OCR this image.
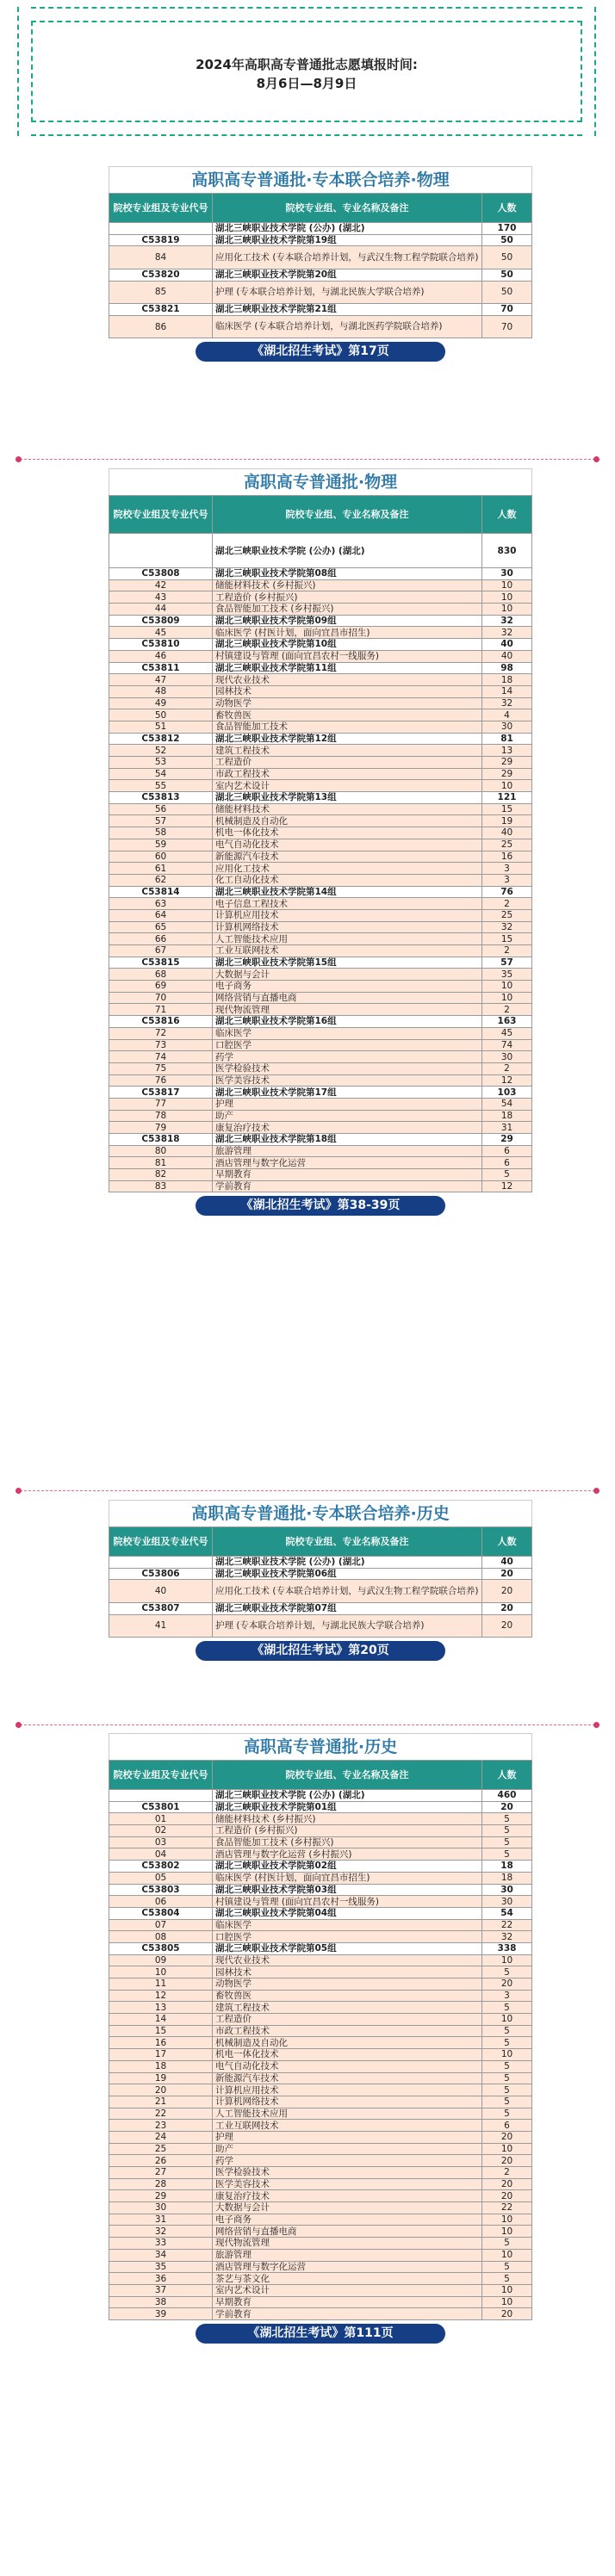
2024年高职高专普通批志愿填报时间:
8月6日—8月9日
高职高专普通批·专本联合培养·物理
院校专业组及专业代号	院校专业组、专业名称及备注	人数
	湖北三峡职业技术学院 (公办) (湖北)	170
C53819	湖北三峡职业技术学院第19组	50
84	应用化工技术 (专本联合培养计划，与武汉生物工程学院联合培养)	50
C53820	湖北三峡职业技术学院第20组	50
85	护理 (专本联合培养计划，与湖北民族大学联合培养)	50
C53821	湖北三峡职业技术学院第21组	70
86	临床医学 (专本联合培养计划，与湖北医药学院联合培养)	70
《湖北招生考试》第17页
高职高专普通批·物理
院校专业组及专业代号	院校专业组、专业名称及备注	人数
	湖北三峡职业技术学院 (公办) (湖北)	830
C53808	湖北三峡职业技术学院第08组	30
42	储能材料技术 (乡村振兴)	10
43	工程造价 (乡村振兴)	10
44	食品智能加工技术 (乡村振兴)	10
C53809	湖北三峡职业技术学院第09组	32
45	临床医学 (村医计划，面向宜昌市招生)	32
C53810	湖北三峡职业技术学院第10组	40
46	村镇建设与管理 (面向宜昌农村一线服务)	40
C53811	湖北三峡职业技术学院第11组	98
47	现代农业技术	18
48	园林技术	14
49	动物医学	32
50	畜牧兽医	4
51	食品智能加工技术	30
C53812	湖北三峡职业技术学院第12组	81
52	建筑工程技术	13
53	工程造价	29
54	市政工程技术	29
55	室内艺术设计	10
C53813	湖北三峡职业技术学院第13组	121
56	储能材料技术	15
57	机械制造及自动化	19
58	机电一体化技术	40
59	电气自动化技术	25
60	新能源汽车技术	16
61	应用化工技术	3
62	化工自动化技术	3
C53814	湖北三峡职业技术学院第14组	76
63	电子信息工程技术	2
64	计算机应用技术	25
65	计算机网络技术	32
66	人工智能技术应用	15
67	工业互联网技术	2
C53815	湖北三峡职业技术学院第15组	57
68	大数据与会计	35
69	电子商务	10
70	网络营销与直播电商	10
71	现代物流管理	2
C53816	湖北三峡职业技术学院第16组	163
72	临床医学	45
73	口腔医学	74
74	药学	30
75	医学检验技术	2
76	医学美容技术	12
C53817	湖北三峡职业技术学院第17组	103
77	护理	54
78	助产	18
79	康复治疗技术	31
C53818	湖北三峡职业技术学院第18组	29
80	旅游管理	6
81	酒店管理与数字化运营	6
82	早期教育	5
83	学前教育	12
《湖北招生考试》第38-39页
高职高专普通批·专本联合培养·历史
院校专业组及专业代号	院校专业组、专业名称及备注	人数
	湖北三峡职业技术学院 (公办) (湖北)	40
C53806	湖北三峡职业技术学院第06组	20
40	应用化工技术 (专本联合培养计划，与武汉生物工程学院联合培养)	20
C53807	湖北三峡职业技术学院第07组	20
41	护理 (专本联合培养计划，与湖北民族大学联合培养)	20
《湖北招生考试》第20页
高职高专普通批·历史
院校专业组及专业代号	院校专业组、专业名称及备注	人数
	湖北三峡职业技术学院 (公办) (湖北)	460
C53801	湖北三峡职业技术学院第01组	20
01	储能材料技术 (乡村振兴)	5
02	工程造价 (乡村振兴)	5
03	食品智能加工技术 (乡村振兴)	5
04	酒店管理与数字化运营 (乡村振兴)	5
C53802	湖北三峡职业技术学院第02组	18
05	临床医学 (村医计划，面向宜昌市招生)	18
C53803	湖北三峡职业技术学院第03组	30
06	村镇建设与管理 (面向宜昌农村一线服务)	30
C53804	湖北三峡职业技术学院第04组	54
07	临床医学	22
08	口腔医学	32
C53805	湖北三峡职业技术学院第05组	338
09	现代农业技术	10
10	园林技术	5
11	动物医学	20
12	畜牧兽医	3
13	建筑工程技术	5
14	工程造价	10
15	市政工程技术	5
16	机械制造及自动化	5
17	机电一体化技术	10
18	电气自动化技术	5
19	新能源汽车技术	5
20	计算机应用技术	5
21	计算机网络技术	5
22	人工智能技术应用	5
23	工业互联网技术	6
24	护理	20
25	助产	10
26	药学	20
27	医学检验技术	2
28	医学美容技术	20
29	康复治疗技术	20
30	大数据与会计	22
31	电子商务	10
32	网络营销与直播电商	10
33	现代物流管理	5
34	旅游管理	10
35	酒店管理与数字化运营	5
36	茶艺与茶文化	5
37	室内艺术设计	10
38	早期教育	10
39	学前教育	20
《湖北招生考试》第111页
